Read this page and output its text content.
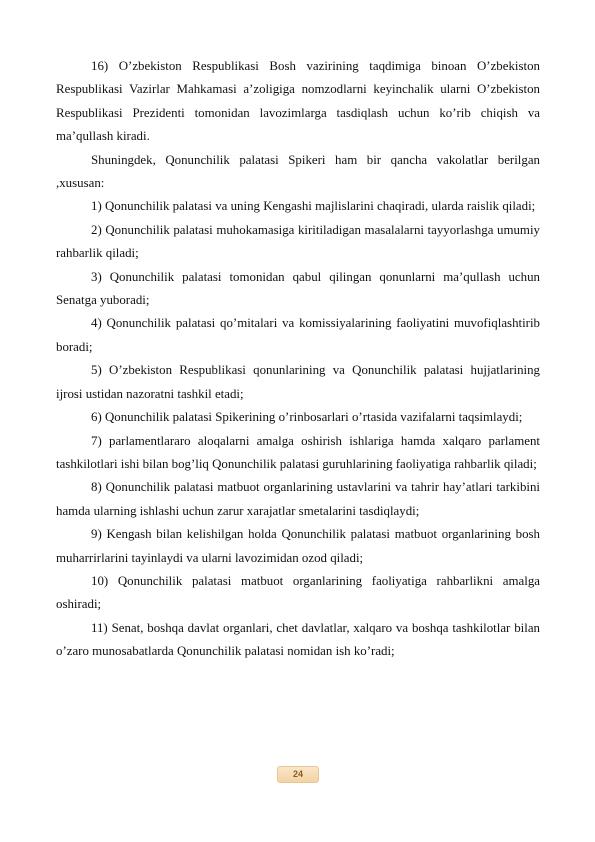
16) O’zbekiston Respublikasi Bosh vazirining taqdimiga binoan O’zbekiston Respublikasi Vazirlar Mahkamasi a’zoligiga nomzodlarni keyinchalik ularni O’zbekiston Respublikasi Prezidenti tomonidan lavozimlarga tasdiqlash uchun ko’rib chiqish va ma’qullash kiradi.

Shuningdek, Qonunchilik palatasi Spikeri ham bir qancha vakolatlar berilgan ,xususan:

1) Qonunchilik palatasi va uning Kengashi majlislarini chaqiradi, ularda raislik qiladi;

2) Qonunchilik palatasi muhokamasiga kiritiladigan masalalarni tayyorlashga umumiy rahbarlik qiladi;

3) Qonunchilik palatasi tomonidan qabul qilingan qonunlarni ma’qullash uchun Senatga yuboradi;

4) Qonunchilik palatasi qo’mitalari va komissiyalarining faoliyatini muvofiqlashtirib boradi;

5) O’zbekiston Respublikasi qonunlarining va Qonunchilik palatasi hujjatlarining ijrosi ustidan nazoratni tashkil etadi;

6) Qonunchilik palatasi Spikerining o’rinbosarlari o’rtasida vazifalarni taqsimlaydi;

7) parlamentlararo aloqalarni amalga oshirish ishlariga hamda xalqaro parlament tashkilotlari ishi bilan bog’liq Qonunchilik palatasi guruhlarining faoliyatiga rahbarlik qiladi;

8) Qonunchilik palatasi matbuot organlarining ustavlarini va tahrir hay’atlari tarkibini hamda ularning ishlashi uchun zarur xarajatlar smetalarini tasdiqlaydi;

9) Kengash bilan kelishilgan holda Qonunchilik palatasi matbuot organlarining bosh muharrirlarini tayinlaydi va ularni lavozimidan ozod qiladi;

10) Qonunchilik palatasi matbuot organlarining faoliyatiga rahbarlikni amalga oshiradi;

11) Senat, boshqa davlat organlari, chet davlatlar, xalqaro va boshqa tashkilotlar bilan o’zaro munosabatlarda Qonunchilik palatasi nomidan ish ko’radi;

24
